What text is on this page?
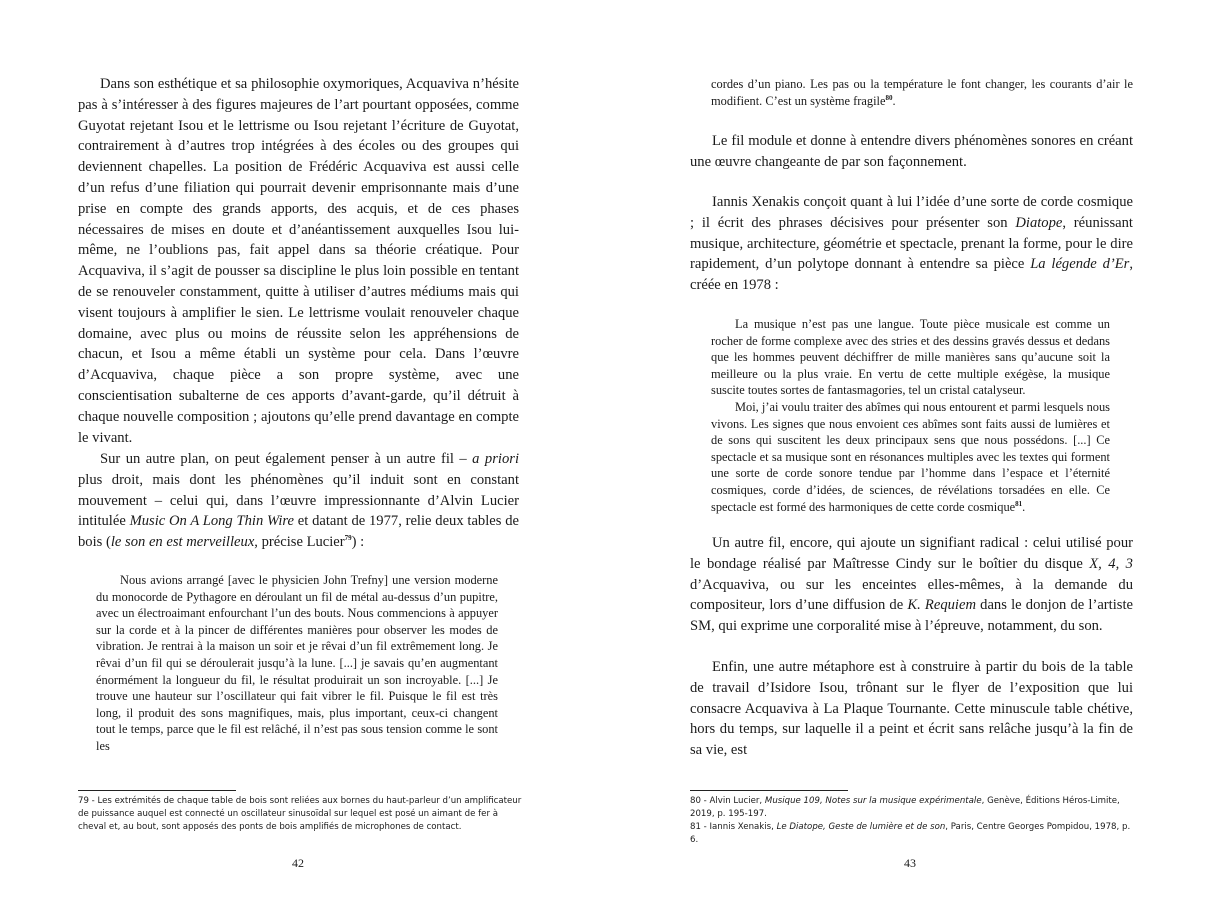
Dans son esthétique et sa philosophie oxymoriques, Acquaviva n’hésite pas à s’intéresser à des figures majeures de l’art pourtant opposées, comme Guyotat rejetant Isou et le lettrisme ou Isou rejetant l’écriture de Guyotat, contrairement à d’autres trop intégrées à des écoles ou des groupes qui deviennent chapelles. La position de Frédéric Acquaviva est aussi celle d’un refus d’une filiation qui pourrait devenir emprisonnante mais d’une prise en compte des grands apports, des acquis, et de ces phases nécessaires de mises en doute et d’anéantissement auxquelles Isou lui-même, ne l’oublions pas, fait appel dans sa théorie créatique. Pour Acquaviva, il s’agit de pousser sa discipline le plus loin possible en tentant de se renouveler constamment, quitte à utiliser d’autres médiums mais qui visent toujours à amplifier le sien. Le lettrisme voulait renouveler chaque domaine, avec plus ou moins de réussite selon les appréhensions de chacun, et Isou a même établi un système pour cela. Dans l’œuvre d’Acquaviva, chaque pièce a son propre système, avec une conscientisation subalterne de ces apports d’avant-garde, qu’il détruit à chaque nouvelle composition ; ajoutons qu’elle prend davantage en compte le vivant.

Sur un autre plan, on peut également penser à un autre fil – a priori plus droit, mais dont les phénomènes qu’il induit sont en constant mouvement – celui qui, dans l’œuvre impressionnante d’Alvin Lucier intitulée Music On A Long Thin Wire et datant de 1977, relie deux tables de bois (le son en est merveilleux, précise Lucier$^{79}$) :

Nous avions arrangé [avec le physicien John Trefny] une version moderne du monocorde de Pythagore en déroulant un fil de métal au-dessus d’un pupitre, avec un électroaimant enfourchant l’un des bouts. Nous commencions à appuyer sur la corde et à la pincer de différentes manières pour observer les modes de vibration. Je rentrai à la maison un soir et je rêvai d’un fil extrêmement long. Je rêvai d’un fil qui se déroulerait jusqu’à la lune. [...] je savais qu’en augmentant énormément la longueur du fil, le résultat produirait un son incroyable. [...] Je trouve une hauteur sur l’oscillateur qui fait vibrer le fil. Puisque le fil est très long, il produit des sons magnifiques, mais, plus important, ceux-ci changent tout le temps, parce que le fil est relâché, il n’est pas sous tension comme le sont les

79 - Les extrémités de chaque table de bois sont reliées aux bornes du haut-parleur d’un amplificateur de puissance auquel est connecté un oscillateur sinusoïdal sur lequel est posé un aimant de fer à cheval et, au bout, sont apposés des ponts de bois amplifiés de microphones de contact.

42

cordes d’un piano. Les pas ou la température le font changer, les courants d’air le modifient. C’est un système fragile$^{80}$.

Le fil module et donne à entendre divers phénomènes sonores en créant une œuvre changeante de par son façonnement.

Iannis Xenakis conçoit quant à lui l’idée d’une sorte de corde cosmique ; il écrit des phrases décisives pour présenter son Diatope, réunissant musique, architecture, géométrie et spectacle, prenant la forme, pour le dire rapidement, d’un polytope donnant à entendre sa pièce La légende d’Er, créée en 1978 :

La musique n’est pas une langue. Toute pièce musicale est comme un rocher de forme complexe avec des stries et des dessins gravés dessus et dedans que les hommes peuvent déchiffrer de mille manières sans qu’aucune soit la meilleure ou la plus vraie. En vertu de cette multiple exégèse, la musique suscite toutes sortes de fantasmagories, tel un cristal catalyseur.

Moi, j’ai voulu traiter des abîmes qui nous entourent et parmi lesquels nous vivons. Les signes que nous envoient ces abîmes sont faits aussi de lumières et de sons qui suscitent les deux principaux sens que nous possédons. [...] Ce spectacle et sa musique sont en résonances multiples avec les textes qui forment une sorte de corde sonore tendue par l’homme dans l’espace et l’éternité cosmiques, corde d’idées, de sciences, de révélations torsadées en elle. Ce spectacle est formé des harmoniques de cette corde cosmique$^{81}$.

Un autre fil, encore, qui ajoute un signifiant radical : celui utilisé pour le bondage réalisé par Maîtresse Cindy sur le boîtier du disque X, 4, 3 d’Acquaviva, ou sur les enceintes elles-mêmes, à la demande du compositeur, lors d’une diffusion de K. Requiem dans le donjon de l’artiste SM, qui exprime une corporalité mise à l’épreuve, notamment, du son.

Enfin, une autre métaphore est à construire à partir du bois de la table de travail d’Isidore Isou, trônant sur le flyer de l’exposition que lui consacre Acquaviva à La Plaque Tournante. Cette minuscule table chétive, hors du temps, sur laquelle il a peint et écrit sans relâche jusqu’à la fin de sa vie, est

80 - Alvin Lucier, Musique 109, Notes sur la musique expérimentale, Genève, Éditions Héros-Limite, 2019, p. 195-197.

81 - Iannis Xenakis, Le Diatope, Geste de lumière et de son, Paris, Centre Georges Pompidou, 1978, p. 6.

43
